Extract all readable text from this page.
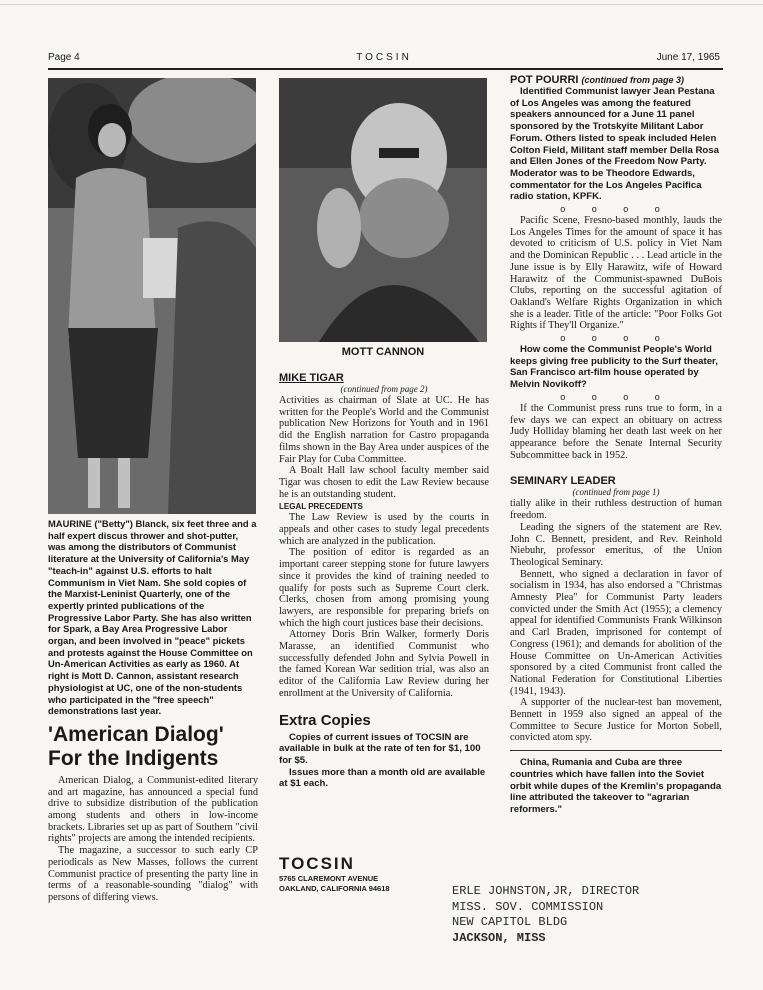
Page 4	TOCSIN	June 17, 1965
MOTT CANNON

MAURINE ("Betty") Blanck, six feet three and a half expert discus thrower and shot-putter, was among the distributors of Communist literature at the University of California's May "teach-in" against U.S. efforts to halt Communism in Viet Nam. She sold copies of the Marxist-Leninist Quarterly, one of the expertly printed publications of the Progressive Labor Party. She has also written for Spark, a Bay Area Progressive Labor organ, and been involved in "peace" pickets and protests against the House Committee on Un-American Activities as early as 1960. At right is Mott D. Cannon, assistant research physiologist at UC, one of the non-students who participated in the "free speech" demonstrations last year.

'American Dialog'
For the Indigents

American Dialog, a Communist-edited literary and art magazine, has announced a special fund drive to subsidize distribution of the publication among students and others in low-income brackets. Libraries set up as part of Southern "civil rights" projects are among the intended recipients.

The magazine, a successor to such early CP periodicals as New Masses, follows the current Communist practice of presenting the party line in terms of a reasonable-sounding "dialog" with persons of differing views.

MIKE TIGAR

(continued from page 2)

Activities as chairman of Slate at UC. He has written for the People's World and the Communist publication New Horizons for Youth and in 1961 did the English narration for Castro propaganda films shown in the Bay Area under auspices of the Fair Play for Cuba Committee.

A Boalt Hall law school faculty member said Tigar was chosen to edit the Law Review because he is an outstanding student.

LEGAL PRECEDENTS

The Law Review is used by the courts in appeals and other cases to study legal precedents which are analyzed in the publication.

The position of editor is regarded as an important career stepping stone for future lawyers since it provides the kind of training needed to qualify for posts such as Supreme Court clerk. Clerks, chosen from among promising young lawyers, are responsible for preparing briefs on which the high court justices base their decisions.

Attorney Doris Brin Walker, formerly Doris Marasse, an identified Communist who successfully defended John and Sylvia Powell in the famed Korean War sedition trial, was also an editor of the California Law Review during her enrollment at the University of California.

Extra Copies

Copies of current issues of TOCSIN are available in bulk at the rate of ten for $1, 100 for $5.

Issues more than a month old are available at $1 each.

TOCSIN

5765 CLAREMONT AVENUE

OAKLAND, CALIFORNIA 94618

POT POURRI (continued from page 3)

Identified Communist lawyer Jean Pestana of Los Angeles was among the featured speakers announced for a June 11 panel sponsored by the Trotskyite Militant Labor Forum. Others listed to speak included Helen Colton Field, Militant staff member Della Rosa and Ellen Jones of the Freedom Now Party. Moderator was to be Theodore Edwards, commentator for the Los Angeles Pacifica radio station, KPFK.

o o o o

Pacific Scene, Fresno-based monthly, lauds the Los Angeles Times for the amount of space it has devoted to criticism of U.S. policy in Viet Nam and the Dominican Republic . . . Lead article in the June issue is by Elly Harawitz, wife of Howard Harawitz of the Communist-spawned DuBois Clubs, reporting on the successful agitation of Oakland's Welfare Rights Organization in which she is a leader. Title of the article: "Poor Folks Got Rights if They'll Organize."

o o o o

How come the Communist People's World keeps giving free publicity to the Surf theater, San Francisco art-film house operated by Melvin Novikoff?

o o o o

If the Communist press runs true to form, in a few days we can expect an obituary on actress Judy Holliday blaming her death last week on her appearance before the Senate Internal Security Subcommittee back in 1952.

SEMINARY LEADER

(continued from page 1)

tially alike in their ruthless destruction of human freedom.

Leading the signers of the statement are Rev. John C. Bennett, president, and Rev. Reinhold Niebuhr, professor emeritus, of the Union Theological Seminary.

Bennett, who signed a declaration in favor of socialism in 1934, has also endorsed a "Christmas Amnesty Plea" for Communist Party leaders convicted under the Smith Act (1955); a clemency appeal for identified Communists Frank Wilkinson and Carl Braden, imprisoned for contempt of Congress (1961); and demands for abolition of the House Committee on Un-American Activities sponsored by a cited Communist front called the National Federation for Constitutional Liberties (1941, 1943).

A supporter of the nuclear-test ban movement, Bennett in 1959 also signed an appeal of the Committee to Secure Justice for Morton Sobell, convicted atom spy.

China, Rumania and Cuba are three countries which have fallen into the Soviet orbit while dupes of the Kremlin's propaganda line attributed the takeover to "agrarian reformers."

ERLE JOHNSTON,JR, DIRECTOR
MISS. SOV. COMMISSION
NEW CAPITOL BLDG
JACKSON, MISS
